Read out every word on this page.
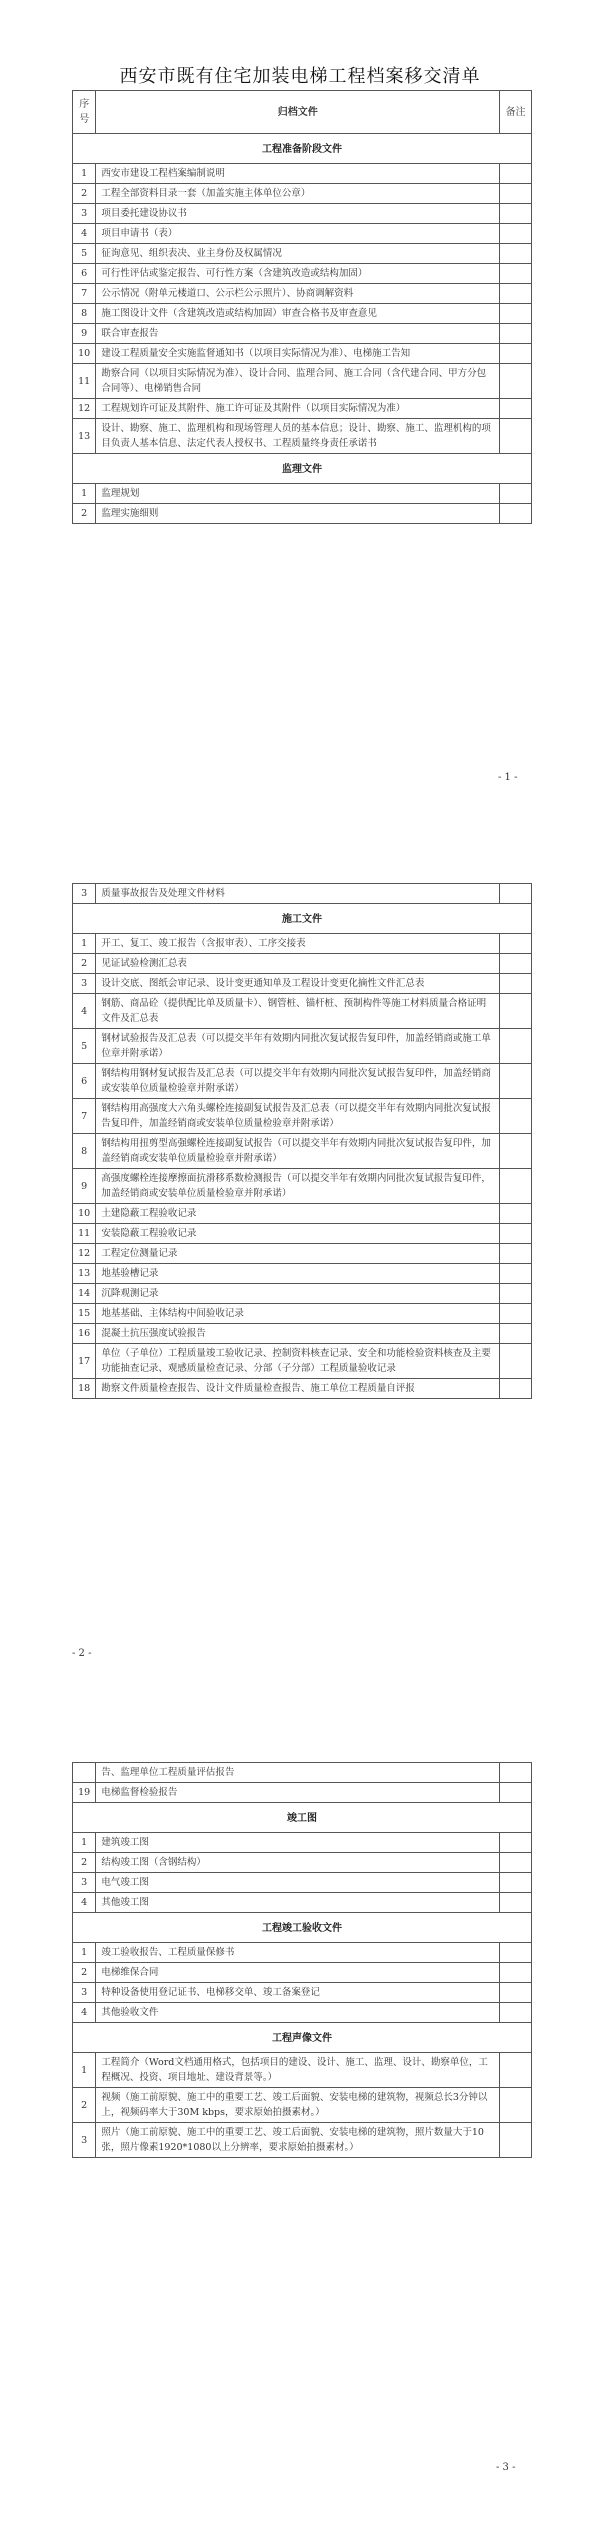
西安市既有住宅加装电梯工程档案移交清单
序号	归档文件	备注
工程准备阶段文件		
1	西安市建设工程档案编制说明	
2	工程全部资料目录一套（加盖实施主体单位公章）	
3	项目委托建设协议书	
4	项目申请书（表）	
5	征询意见、组织表决、业主身份及权属情况	
6	可行性评估或鉴定报告、可行性方案（含建筑改造或结构加固）	
7	公示情况（附单元楼道口、公示栏公示照片）、协商调解资料	
8	施工图设计文件（含建筑改造或结构加固）审查合格书及审查意见	
9	联合审查报告	
10	建设工程质量安全实施监督通知书（以项目实际情况为准）、电梯施工告知	
11	勘察合同（以项目实际情况为准）、设计合同、监理合同、施工合同（含代建合同、甲方分包合同等）、电梯销售合同	
12	工程规划许可证及其附件、施工许可证及其附件（以项目实际情况为准）	
13	设计、勘察、施工、监理机构和现场管理人员的基本信息；设计、勘察、施工、监理机构的项目负责人基本信息、法定代表人授权书、工程质量终身责任承诺书	
监理文件		
1	监理规划	
2	监理实施细则	
- 1 -
3	质量事故报告及处理文件材料	
施工文件		
1	开工、复工、竣工报告（含报审表）、工序交接表	
2	见证试验检测汇总表	
3	设计交底、图纸会审记录、设计变更通知单及工程设计变更化摘性文件汇总表	
4	钢筋、商品砼（提供配比单及质量卡）、钢管桩、锚杆桩、预制构件等施工材料质量合格证明文件及汇总表	
5	钢材试验报告及汇总表（可以提交半年有效期内同批次复试报告复印件，加盖经销商或施工单位章并附承诺）	
6	钢结构用钢材复试报告及汇总表（可以提交半年有效期内同批次复试报告复印件，加盖经销商或安装单位质量检验章并附承诺）	
7	钢结构用高强度大六角头螺栓连接副复试报告及汇总表（可以提交半年有效期内同批次复试报告复印件，加盖经销商或安装单位质量检验章并附承诺）	
8	钢结构用扭剪型高强螺栓连接副复试报告（可以提交半年有效期内同批次复试报告复印件，加盖经销商或安装单位质量检验章并附承诺）	
9	高强度螺栓连接摩擦面抗滑移系数检测报告（可以提交半年有效期内同批次复试报告复印件，加盖经销商或安装单位质量检验章并附承诺）	
10	土建隐蔽工程验收记录	
11	安装隐蔽工程验收记录	
12	工程定位测量记录	
13	地基验槽记录	
14	沉降观测记录	
15	地基基础、主体结构中间验收记录	
16	混凝土抗压强度试验报告	
17	单位（子单位）工程质量竣工验收记录、控制资料核查记录、安全和功能检验资料核查及主要功能抽查记录、观感质量检查记录、分部（子分部）工程质量验收记录	
18	勘察文件质量检查报告、设计文件质量检查报告、施工单位工程质量自评报	
- 2 -
	告、监理单位工程质量评估报告	
19	电梯监督检验报告	
竣工图		
1	建筑竣工图	
2	结构竣工图（含钢结构）	
3	电气竣工图	
4	其他竣工图	
工程竣工验收文件		
1	竣工验收报告、工程质量保修书	
2	电梯维保合同	
3	特种设备使用登记证书、电梯移交单、竣工备案登记	
4	其他验收文件	
工程声像文件		
1	工程简介（Word文档通用格式，包括项目的建设、设计、施工、监理、设计、勘察单位，工程概况、投资、项目地址、建设背景等。）	
2	视频（施工前原貌、施工中的重要工艺、竣工后面貌、安装电梯的建筑物，视频总长3分钟以上，视频码率大于30M kbps，要求原始拍摄素材。）	
3	照片（施工前原貌、施工中的重要工艺、竣工后面貌、安装电梯的建筑物，照片数量大于10张，照片像素1920*1080以上分辨率，要求原始拍摄素材。）	
- 3 -
